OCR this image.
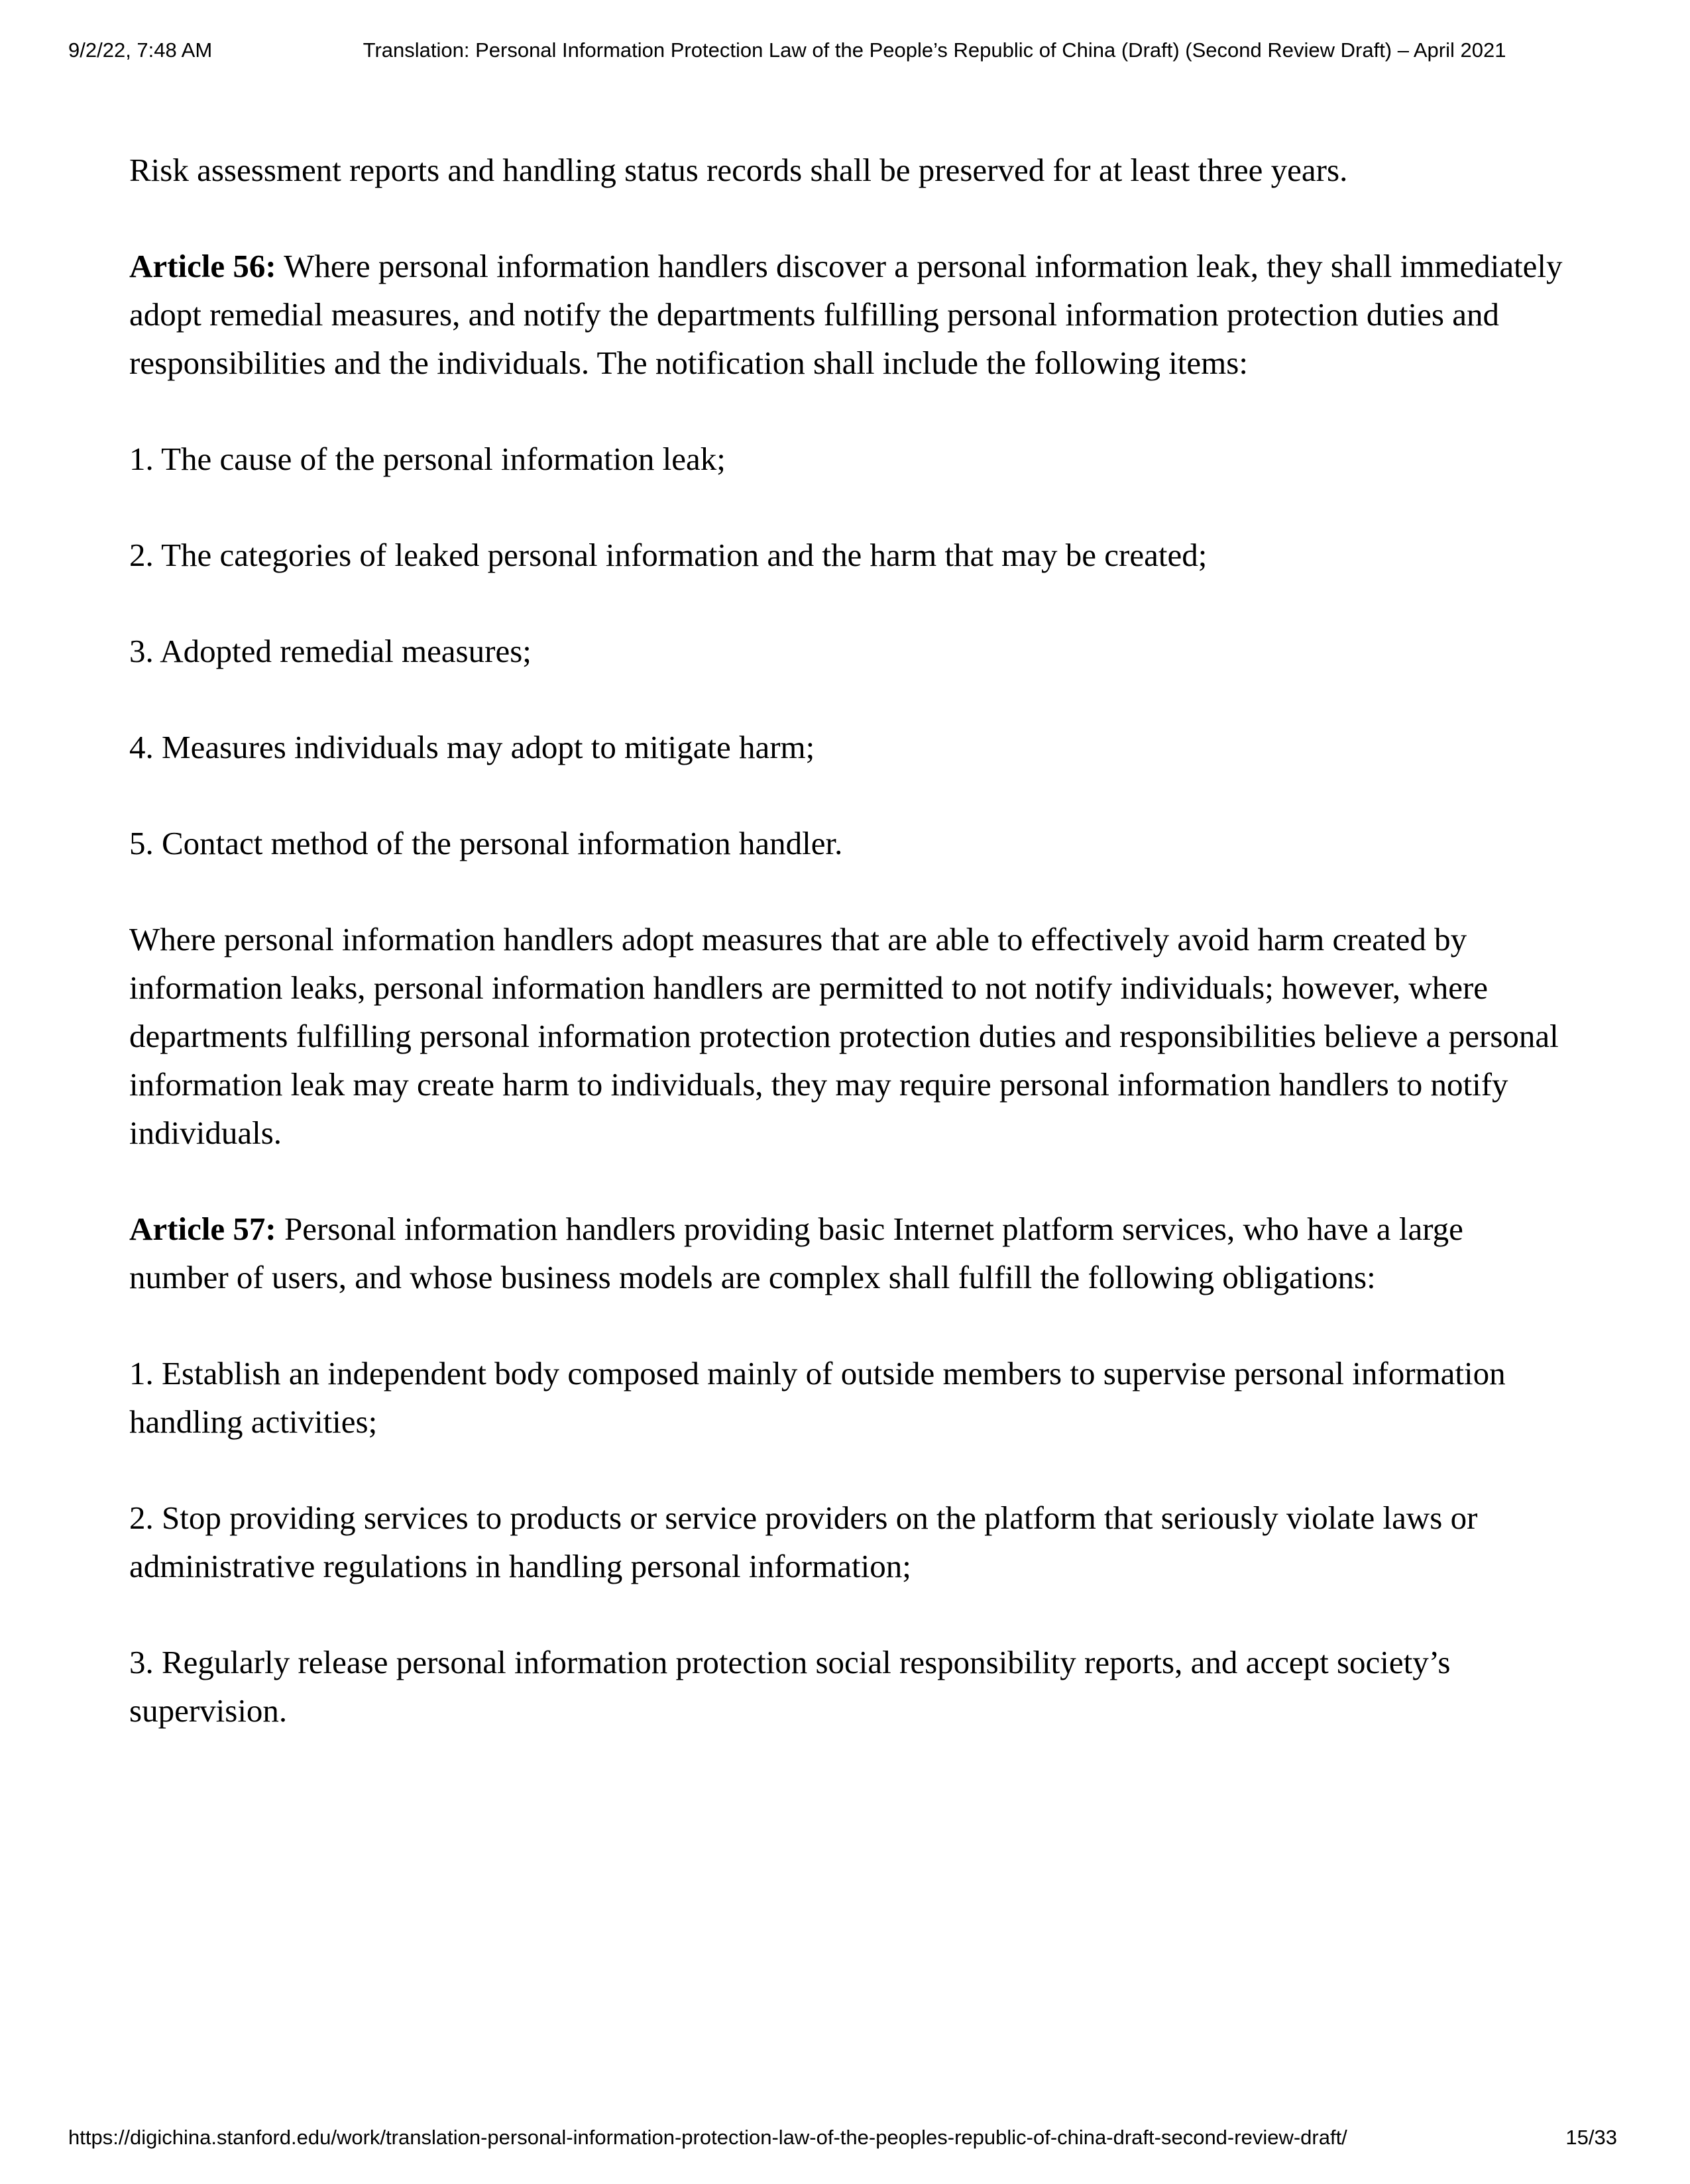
9/2/22, 7:48 AM	Translation: Personal Information Protection Law of the People’s Republic of China (Draft) (Second Review Draft) – April 2021

Risk assessment reports and handling status records shall be preserved for at least three years.

Article 56: Where personal information handlers discover a personal information leak, they shall immediately adopt remedial measures, and notify the departments fulfilling personal information protection duties and responsibilities and the individuals. The notification shall include the following items:

1. The cause of the personal information leak;

2. The categories of leaked personal information and the harm that may be created;

3. Adopted remedial measures;

4. Measures individuals may adopt to mitigate harm;

5. Contact method of the personal information handler.

Where personal information handlers adopt measures that are able to effectively avoid harm created by information leaks, personal information handlers are permitted to not notify individuals; however, where departments fulfilling personal information protection protection duties and responsibilities believe a personal information leak may create harm to individuals, they may require personal information handlers to notify individuals.

Article 57: Personal information handlers providing basic Internet platform services, who have a large number of users, and whose business models are complex shall fulfill the following obligations:

1. Establish an independent body composed mainly of outside members to supervise personal information handling activities;

2. Stop providing services to products or service providers on the platform that seriously violate laws or administrative regulations in handling personal information;

3. Regularly release personal information protection social responsibility reports, and accept society’s supervision.

https://digichina.stanford.edu/work/translation-personal-information-protection-law-of-the-peoples-republic-of-china-draft-second-review-draft/	15/33
